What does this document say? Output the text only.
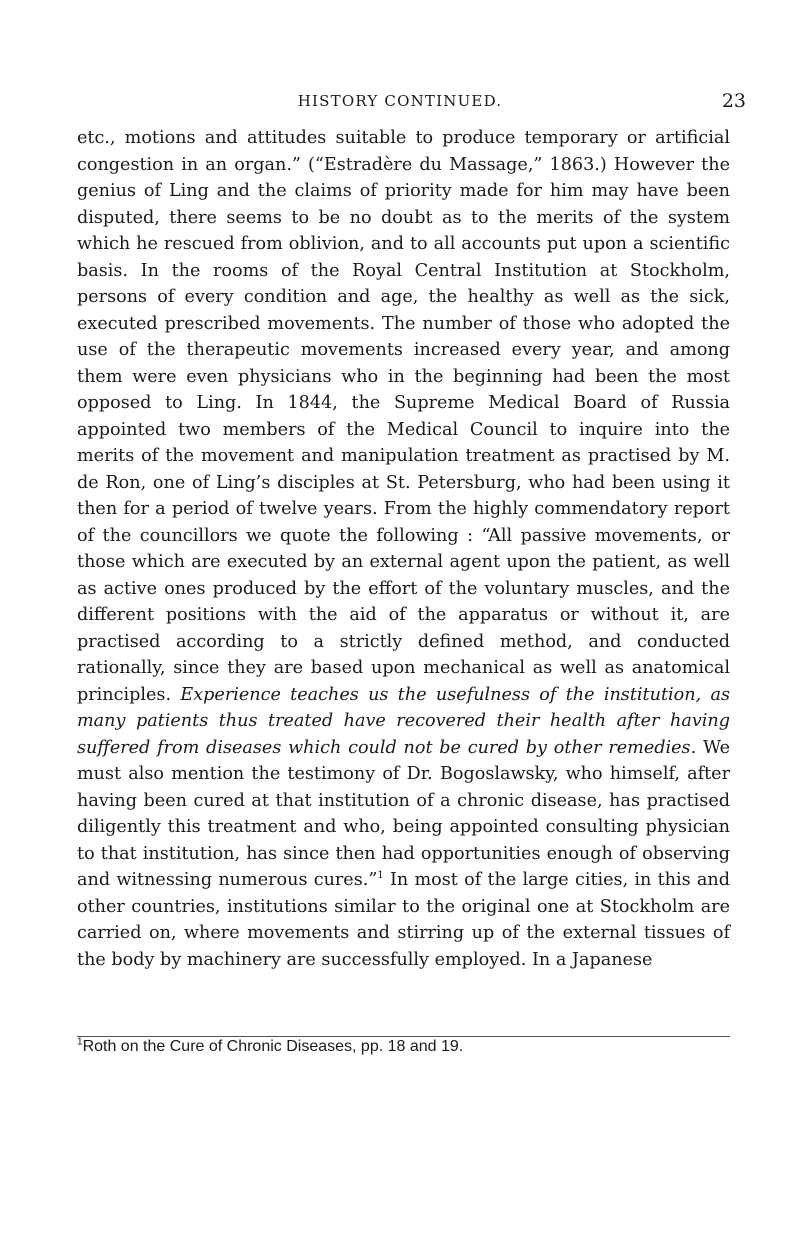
HISTORY CONTINUED.	23

etc., motions and attitudes suitable to produce temporary or artificial congestion in an organ.” (“Estradère du Massage,” 1863.) However the genius of Ling and the claims of priority made for him may have been disputed, there seems to be no doubt as to the merits of the system which he rescued from oblivion, and to all accounts put upon a scientific basis. In the rooms of the Royal Central Institution at Stockholm, persons of every condition and age, the healthy as well as the sick, executed prescribed movements. The number of those who adopted the use of the therapeutic movements increased every year, and among them were even physicians who in the beginning had been the most opposed to Ling. In 1844, the Supreme Medical Board of Russia appointed two members of the Medical Council to inquire into the merits of the movement and manipulation treatment as practised by M. de Ron, one of Ling’s disciples at St. Petersburg, who had been using it then for a period of twelve years. From the highly commendatory report of the councillors we quote the following : “All passive movements, or those which are executed by an external agent upon the patient, as well as active ones produced by the effort of the voluntary muscles, and the different positions with the aid of the apparatus or without it, are practised according to a strictly defined method, and conducted rationally, since they are based upon mechanical as well as anatomical principles. Experience teaches us the usefulness of the institution, as many patients thus treated have recovered their health after having suffered from diseases which could not be cured by other remedies. We must also mention the testimony of Dr. Bogoslawsky, who himself, after having been cured at that institution of a chronic disease, has practised diligently this treatment and who, being appointed consulting physician to that institution, has since then had opportunities enough of observing and witnessing numerous cures.”$^1$ In most of the large cities, in this and other countries, institutions similar to the original one at Stockholm are carried on, where movements and stirring up of the external tissues of the body by machinery are successfully employed. In a Japanese

$^1$Roth on the Cure of Chronic Diseases, pp. 18 and 19.
